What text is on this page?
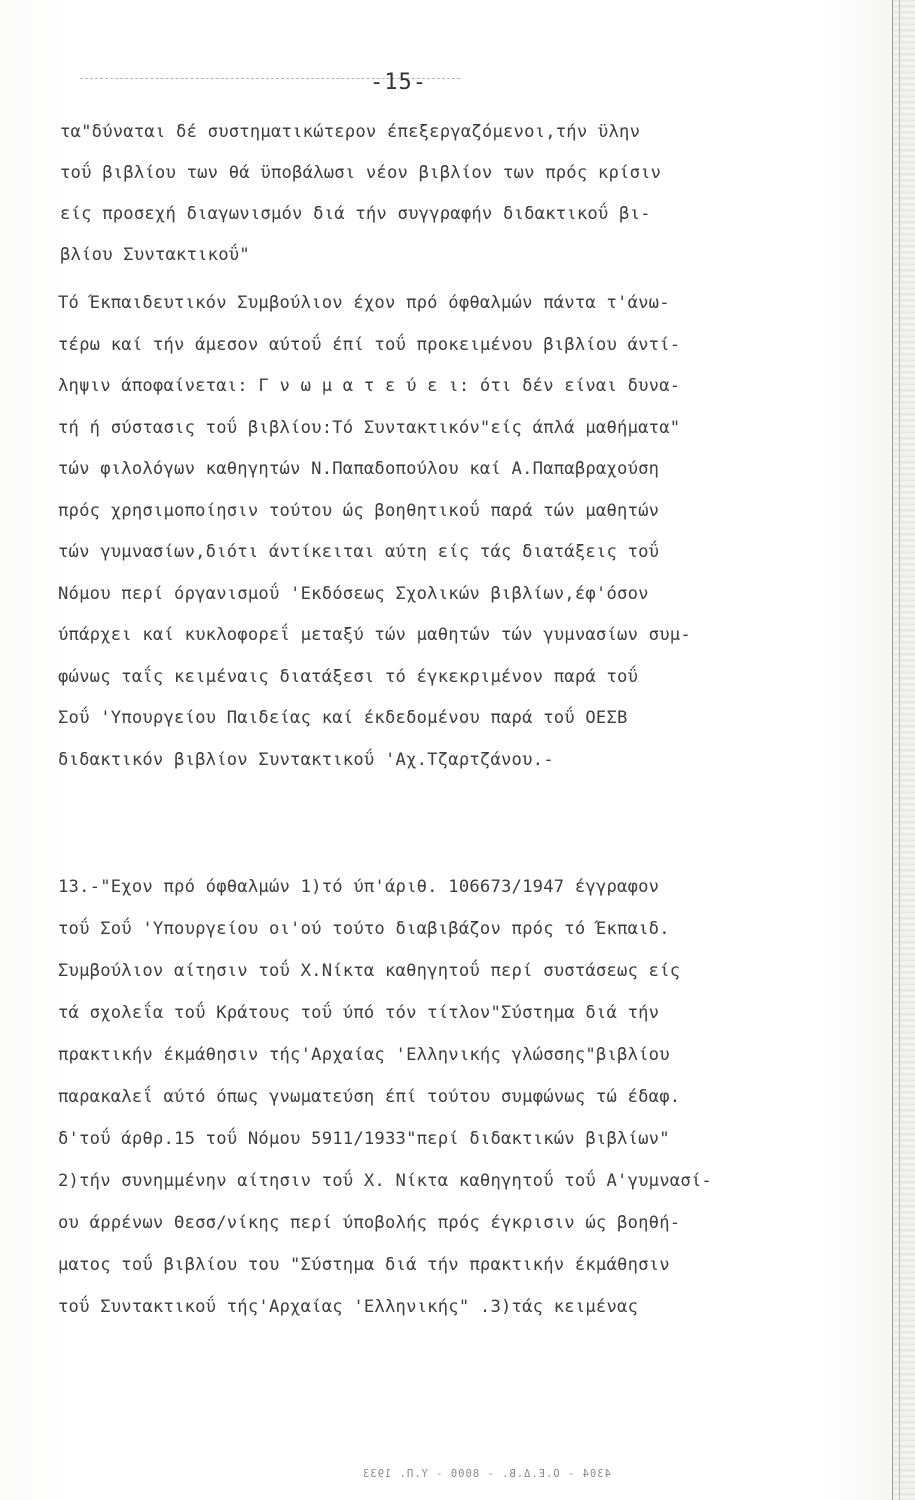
-15-
τα"δύναται δέ συστηματικώτερον έπεξεργαζόμενοι,τήν ϋλην
τοΰ βιβλίου των θά ϋποβάλωσι νέον βιβλίον των πρός κρίσιν
είς προσεχή διαγωνισμόν διά τήν συγγραφήν διδακτικοΰ βι-
βλίου Συντακτικοΰ"
Τό Έκπαιδευτικόν Συμβούλιον έχον πρό όφθαλμών πάντα τ'άνω-
τέρω καί τήν άμεσον αύτοΰ έπί τοΰ προκειμένου βιβλίου άντί-
ληψιν άποφαίνεται: Γ ν ω μ α τ ε ύ ε ι: ότι δέν είναι δυνα-
τή ή σύστασις τοΰ βιβλίου:Τό Συντακτικόν"είς άπλά μαθήματα"
τών φιλολόγων καθηγητών Ν.Παπαδοπούλου καί Α.Παπαβραχούση
πρός χρησιμοποίησιν τούτου ώς βοηθητικοΰ παρά τών μαθητών
τών γυμνασίων,διότι άντίκειται αύτη είς τάς διατάξεις τοΰ
Νόμου περί όργανισμοΰ 'Εκδόσεως Σχολικών βιβλίων,έφ'όσον
ύπάρχει καί κυκλοφορεΐ μεταξύ τών μαθητών τών γυμνασίων συμ-
φώνως ταΐς κειμέναις διατάξεσι τό έγκεκριμένον παρά τοΰ
Σοΰ 'Υπουργείου Παιδείας καί έκδεδομένου παρά τοΰ ΟΕΣΒ
διδακτικόν βιβλίον Συντακτικοΰ 'Αχ.Τζαρτζάνου.-
13.-"Εχον πρό όφθαλμών 1)τό ύπ'άριθ. 106673/1947 έγγραφον
τοΰ Σοΰ 'Υπουργείου οι'ού τούτο διαβιβάζον πρός τό Έκπαιδ.
Συμβούλιον αίτησιν τοΰ Χ.Νίκτα καθηγητοΰ περί συστάσεως είς
τά σχολεΐα τοΰ Κράτους τοΰ ύπό τόν τίτλον"Σύστημα διά τήν
πρακτικήν έκμάθησιν τής'Αρχαίας 'Ελληνικής γλώσσης"βιβλίου
παρακαλεΐ αύτό όπως γνωματεύση έπί τούτου συμφώνως τώ έδαφ.
δ'τοΰ άρθρ.15 τοΰ Νόμου 5911/1933"περί διδακτικών βιβλίων"
2)τήν συνημμένην αίτησιν τοΰ Χ. Νίκτα καθηγητοΰ τοΰ Α'γυμνασί-
ου άρρένων Θεσσ/νίκης περί ύποβολής πρός έγκρισιν ώς βοηθή-
ματος τοΰ βιβλίου του "Σύστημα διά τήν πρακτικήν έκμάθησιν
τοΰ Συντακτικοΰ τής'Αρχαίας 'Ελληνικής" .3)τάς κειμένας
4304 - Ο.Ε.Δ.Β. - 8000 - Υ.Π. 1933
